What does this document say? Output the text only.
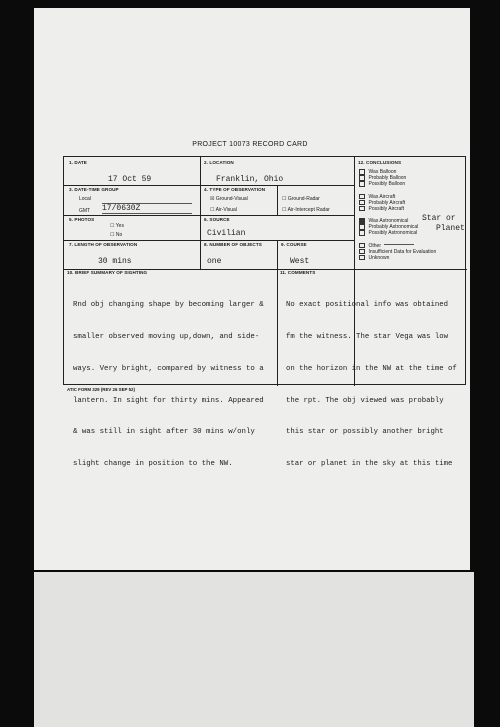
PROJECT 10073 RECORD CARD
1. DATE
17 Oct 59
2. LOCATION
Franklin, Ohio
3. DATE-TIME GROUP
Local
GMT 17/0630Z
4. TYPE OF OBSERVATION
☒ Ground-Visual	☐ Ground-Radar
☐ Air-Visual	☐ Air-Intercept Radar
5. PHOTOS
☐ Yes
☐ No
6. SOURCE
Civilian
7. LENGTH OF OBSERVATION
30 mins
8. NUMBER OF OBJECTS
one
9. COURSE
West
10. BRIEF SUMMARY OF SIGHTING

Rnd obj changing shape by becoming larger &

smaller observed moving up,down, and side-

ways. Very bright, compared by witness to a

lantern. In sight for thirty mins. Appeared

& was still in sight after 30 mins w/only

slight change in position to the NW.

11. COMMENTS

No exact positional info was obtained

fm the witness. The star Vega was low

on the horizon in the NW at the time of

the rpt. The obj viewed was probably

this star or possibly another bright

star or planet in the sky at this time

12. CONCLUSIONS
Was Balloon
Probably Balloon
Possibly Balloon
Was Aircraft
Probably Aircraft
Possibly Aircraft
Was Astronomical
Probably Astronomical
Possibly Astronomical
Other
Insufficient Data for Evaluation
Unknown
Star or
Planet
ATIC FORM 329 (REV 26 SEP 52)
